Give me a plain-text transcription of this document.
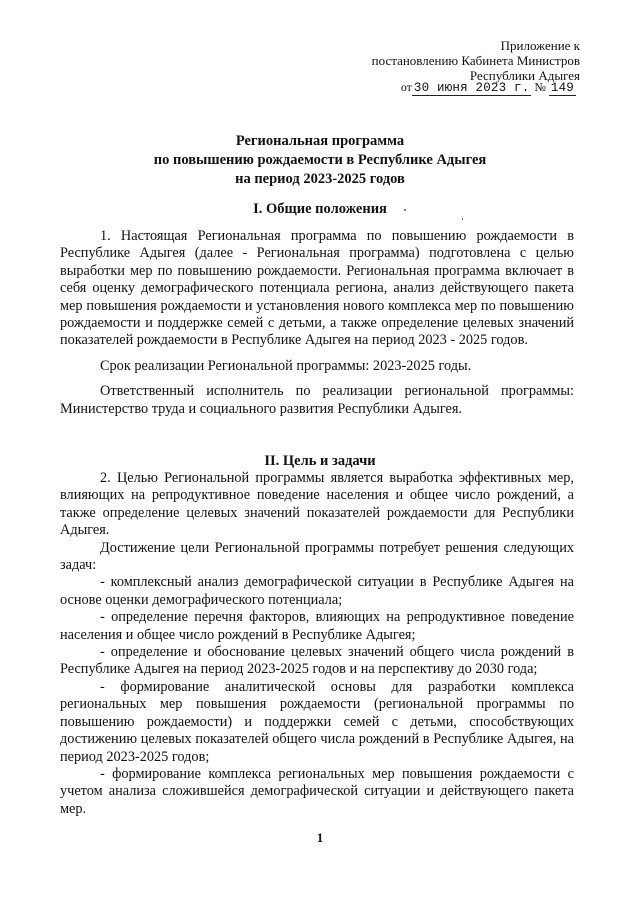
Приложение к
постановлению Кабинета Министров
Республики Адыгея
от 30 июня 2023 г. № 149
Региональная программа
по повышению рождаемости в Республике Адыгея
на период 2023-2025 годов
I. Общие положения

1. Настоящая Региональная программа по повышению рождаемости в Республике Адыгея (далее - Региональная программа) подготовлена с целью выработки мер по повышению рождаемости. Региональная программа включает в себя оценку демографического потенциала региона, анализ действующего пакета мер повышения рождаемости и установления нового комплекса мер по повышению рождаемости и поддержке семей с детьми, а также определение целевых значений показателей рождаемости в Республике Адыгея на период 2023 - 2025 годов.

Срок реализации Региональной программы: 2023-2025 годы.

Ответственный исполнитель по реализации региональной программы: Министерство труда и социального развития Республики Адыгея.

II. Цель и задачи

2. Целью Региональной программы является выработка эффективных мер, влияющих на репродуктивное поведение населения и общее число рождений, а также определение целевых значений показателей рождаемости для Республики Адыгея.

Достижение цели Региональной программы потребует решения следующих задач:

- комплексный анализ демографической ситуации в Республике Адыгея на основе оценки демографического потенциала;

- определение перечня факторов, влияющих на репродуктивное поведение населения и общее число рождений в Республике Адыгея;

- определение и обоснование целевых значений общего числа рождений в Республике Адыгея на период 2023-2025 годов и на перспективу до 2030 года;

- формирование аналитической основы для разработки комплекса региональных мер повышения рождаемости (региональной программы по повышению рождаемости) и поддержки семей с детьми, способствующих достижению целевых показателей общего числа рождений в Республике Адыгея, на период 2023-2025 годов;

- формирование комплекса региональных мер повышения рождаемости с учетом анализа сложившейся демографической ситуации и действующего пакета мер.

1
